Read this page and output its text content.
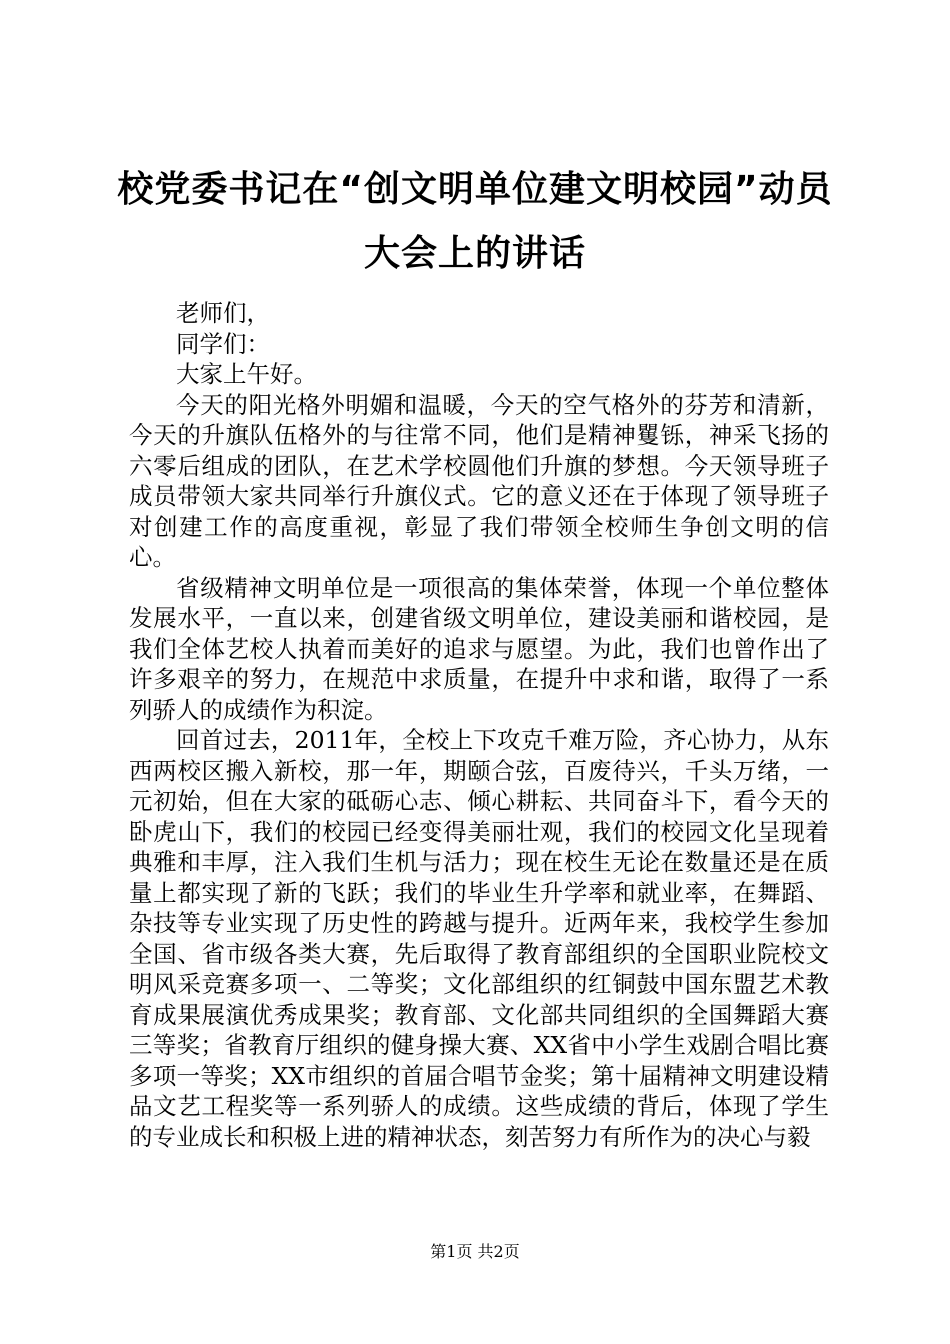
校党委书记在“创文明单位建文明校园”动员大会上的讲话

老师们，

同学们：

大家上午好。

今天的阳光格外明媚和温暖，今天的空气格外的芬芳和清新，今天的升旗队伍格外的与往常不同，他们是精神矍铄，神采飞扬的六零后组成的团队，在艺术学校圆他们升旗的梦想。今天领导班子成员带领大家共同举行升旗仪式。它的意义还在于体现了领导班子对创建工作的高度重视，彰显了我们带领全校师生争创文明的信心。

省级精神文明单位是一项很高的集体荣誉，体现一个单位整体发展水平，一直以来，创建省级文明单位，建设美丽和谐校园，是我们全体艺校人执着而美好的追求与愿望。为此，我们也曾作出了许多艰辛的努力，在规范中求质量，在提升中求和谐，取得了一系列骄人的成绩作为积淀。

回首过去，2011年，全校上下攻克千难万险，齐心协力，从东西两校区搬入新校，那一年，期颐合弦，百废待兴，千头万绪，一元初始，但在大家的砥砺心志、倾心耕耘、共同奋斗下，看今天的卧虎山下，我们的校园已经变得美丽壮观，我们的校园文化呈现着典雅和丰厚，注入我们生机与活力；现在校生无论在数量还是在质量上都实现了新的飞跃；我们的毕业生升学率和就业率，在舞蹈、杂技等专业实现了历史性的跨越与提升。近两年来，我校学生参加全国、省市级各类大赛，先后取得了教育部组织的全国职业院校文明风采竞赛多项一、二等奖；文化部组织的红铜鼓中国东盟艺术教育成果展演优秀成果奖；教育部、文化部共同组织的全国舞蹈大赛三等奖；省教育厅组织的健身操大赛、XX省中小学生戏剧合唱比赛多项一等奖；XX市组织的首届合唱节金奖；第十届精神文明建设精品文艺工程奖等一系列骄人的成绩。这些成绩的背后，体现了学生的专业成长和积极上进的精神状态，刻苦努力有所作为的决心与毅

第1页 共2页
